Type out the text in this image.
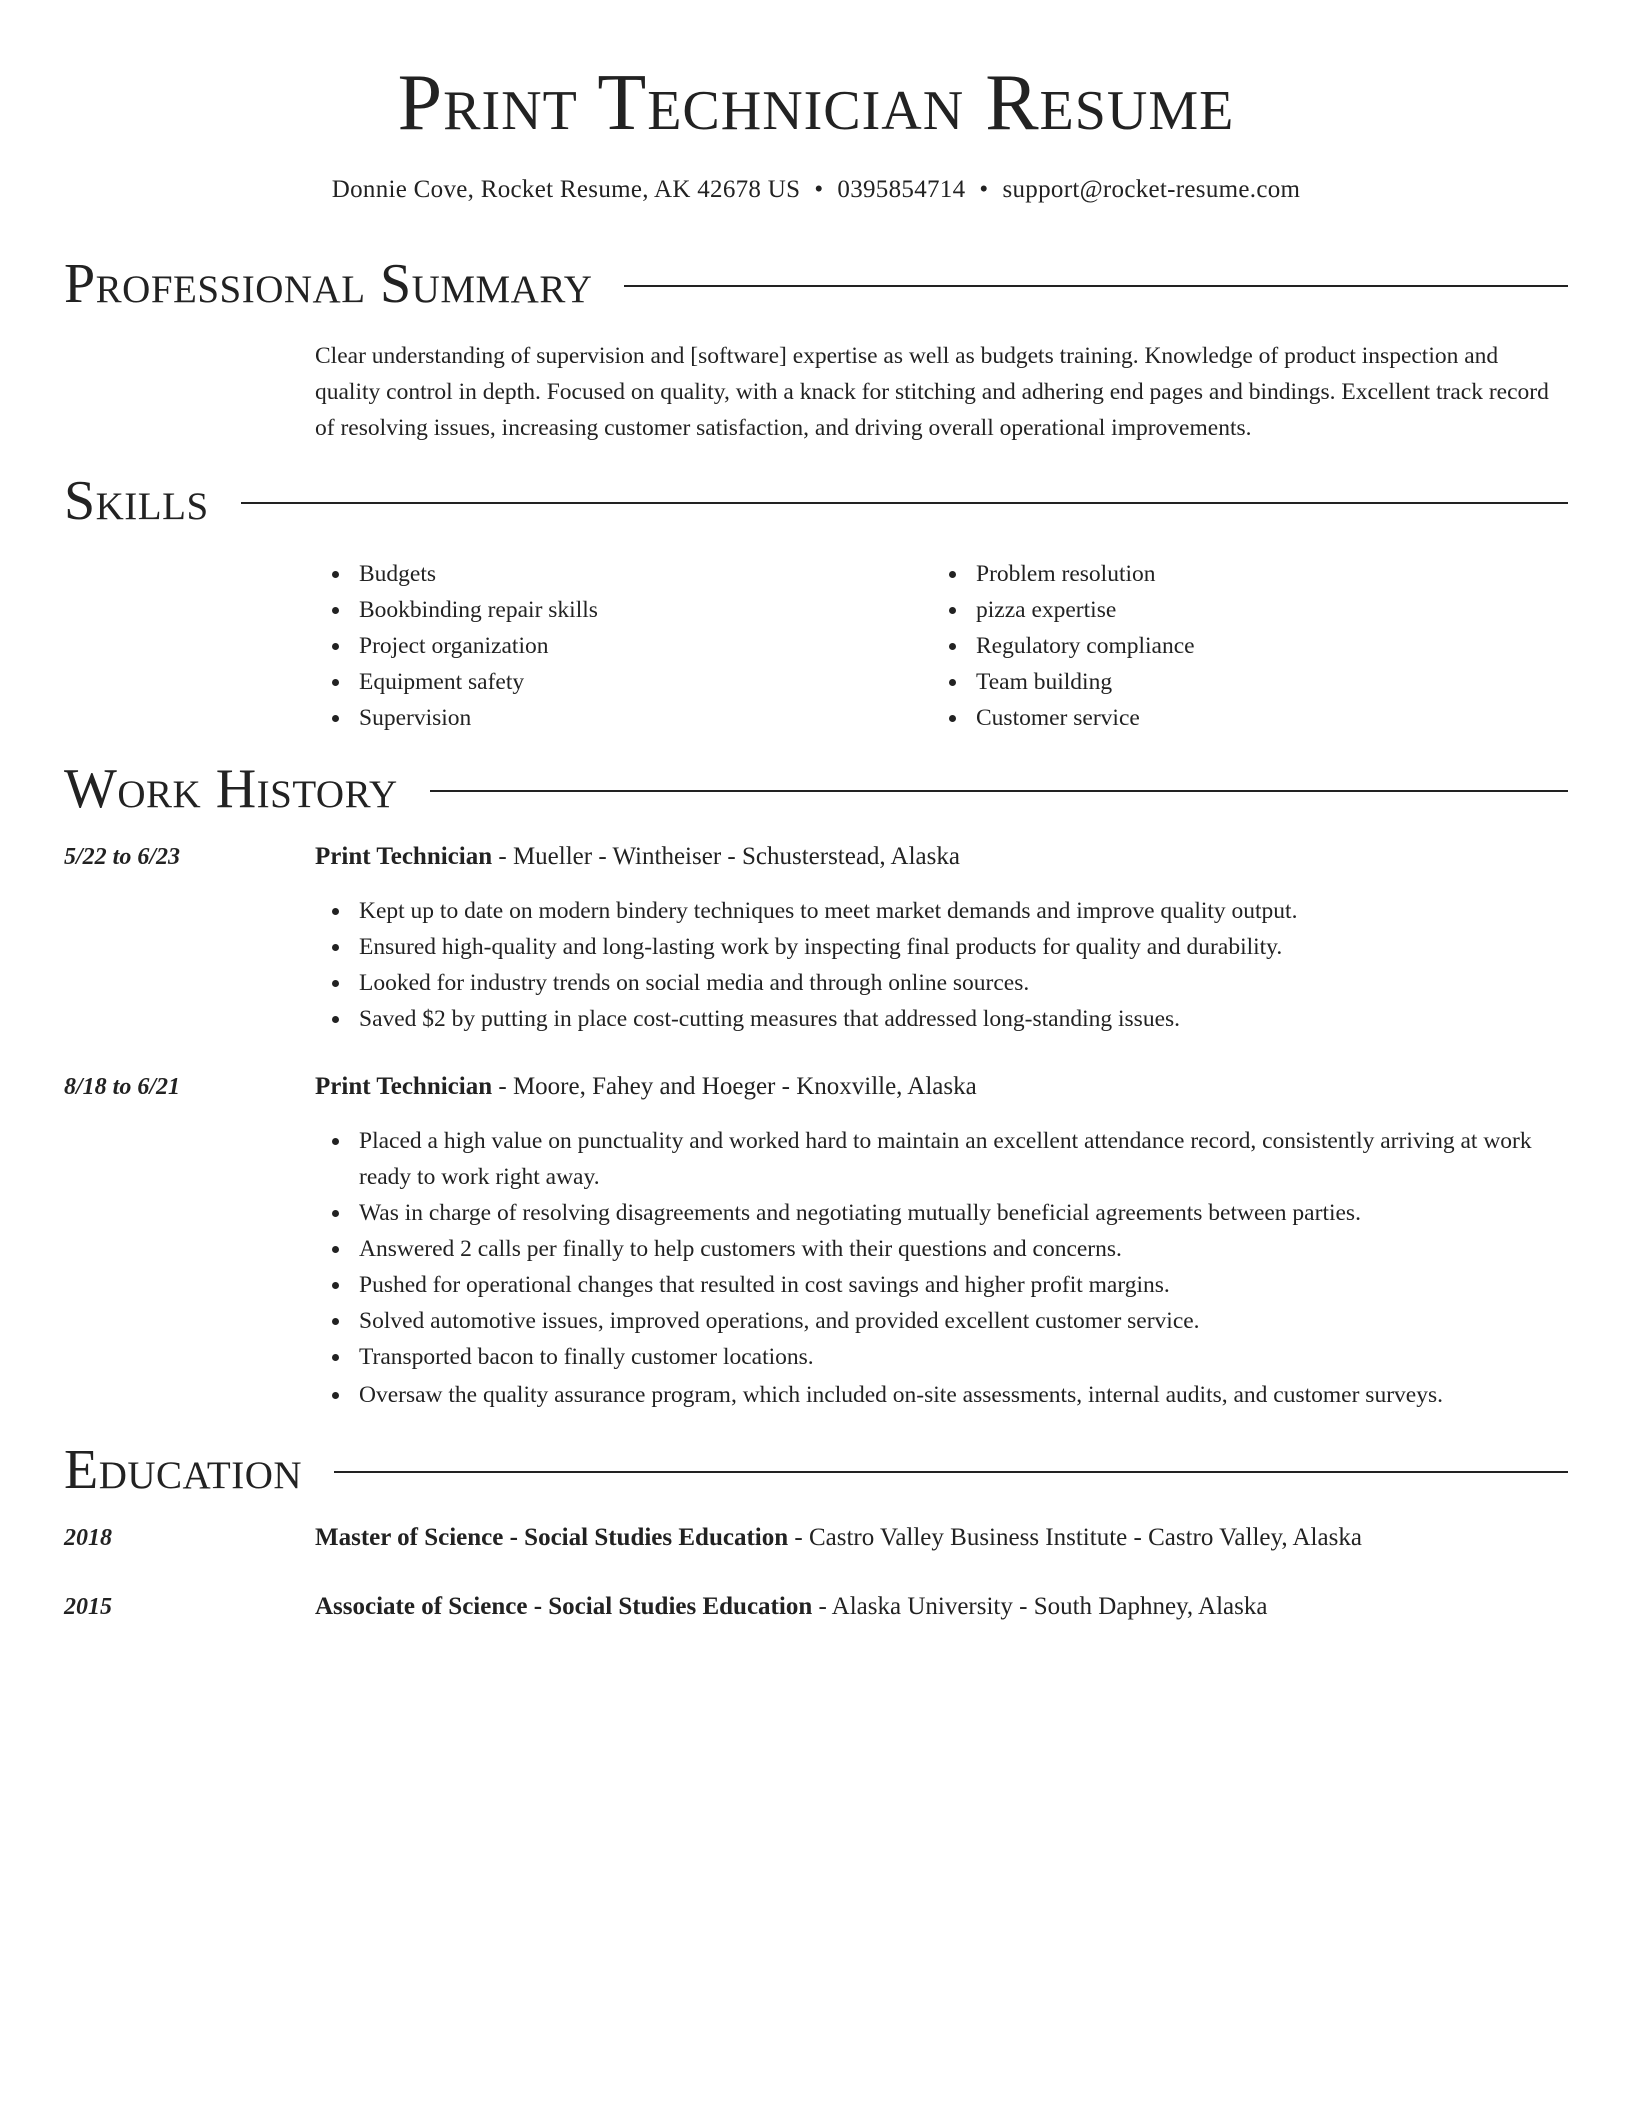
Print Technician Resume
Donnie Cove, Rocket Resume, AK 42678 US • 0395854714 • support@rocket-resume.com
Professional Summary
Clear understanding of supervision and [software] expertise as well as budgets training. Knowledge of product inspection and quality control in depth. Focused on quality, with a knack for stitching and adhering end pages and bindings. Excellent track record of resolving issues, increasing customer satisfaction, and driving overall operational improvements.
Skills
Budgets
Bookbinding repair skills
Project organization
Equipment safety
Supervision
Problem resolution
pizza expertise
Regulatory compliance
Team building
Customer service
Work History
5/22 to 6/23	Print Technician - Mueller - Wintheiser - Schusterstead, Alaska
Kept up to date on modern bindery techniques to meet market demands and improve quality output.
Ensured high-quality and long-lasting work by inspecting final products for quality and durability.
Looked for industry trends on social media and through online sources.
Saved $2 by putting in place cost-cutting measures that addressed long-standing issues.
8/18 to 6/21	Print Technician - Moore, Fahey and Hoeger - Knoxville, Alaska
Placed a high value on punctuality and worked hard to maintain an excellent attendance record, consistently arriving at work ready to work right away.
Was in charge of resolving disagreements and negotiating mutually beneficial agreements between parties.
Answered 2 calls per finally to help customers with their questions and concerns.
Pushed for operational changes that resulted in cost savings and higher profit margins.
Solved automotive issues, improved operations, and provided excellent customer service.
Transported bacon to finally customer locations.
Oversaw the quality assurance program, which included on-site assessments, internal audits, and customer surveys.
Education
2018	Master of Science - Social Studies Education - Castro Valley Business Institute - Castro Valley, Alaska
2015	Associate of Science - Social Studies Education - Alaska University - South Daphney, Alaska
